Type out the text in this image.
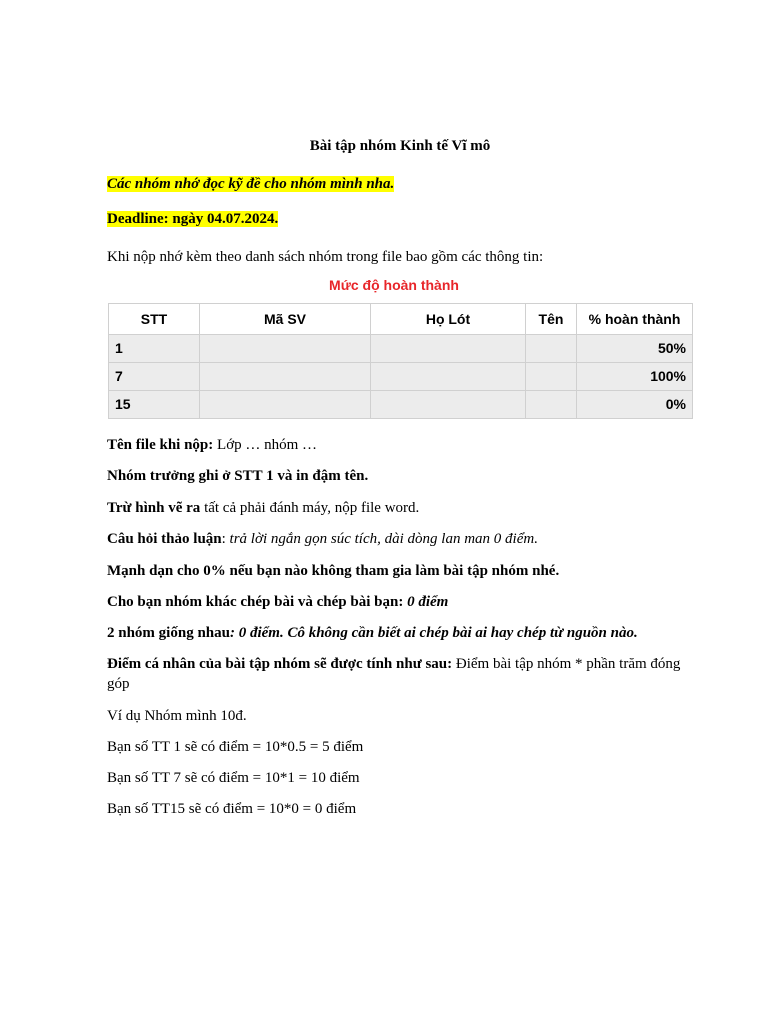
Bài tập nhóm Kinh tế Vĩ mô
Các nhóm nhớ đọc kỹ đề cho nhóm mình nha.
Deadline: ngày 04.07.2024.
Khi nộp nhớ kèm theo danh sách nhóm trong file bao gồm các thông tin:
Mức độ hoàn thành
STT	Mã SV	Họ Lót	Tên	% hoàn thành
1				50%
7				100%
15				0%
Tên file khi nộp: Lớp … nhóm …
Nhóm trưởng ghi ở STT 1 và in đậm tên.
Trừ hình vẽ ra tất cả phải đánh máy, nộp file word.
Câu hỏi thảo luận: trả lời ngắn gọn súc tích, dài dòng lan man 0 điểm.
Mạnh dạn cho 0% nếu bạn nào không tham gia làm bài tập nhóm nhé.
Cho bạn nhóm khác chép bài và chép bài bạn: 0 điểm
2 nhóm giống nhau: 0 điểm. Cô không cần biết ai chép bài ai hay chép từ nguồn nào.
Điểm cá nhân của bài tập nhóm sẽ được tính như sau: Điểm bài tập nhóm * phần trăm đóng góp
Ví dụ Nhóm mình 10đ.
Bạn số TT 1 sẽ có điểm = 10*0.5 = 5 điểm
Bạn số TT 7 sẽ có điểm = 10*1 = 10 điểm
Bạn số TT15 sẽ có điểm = 10*0 = 0 điểm
